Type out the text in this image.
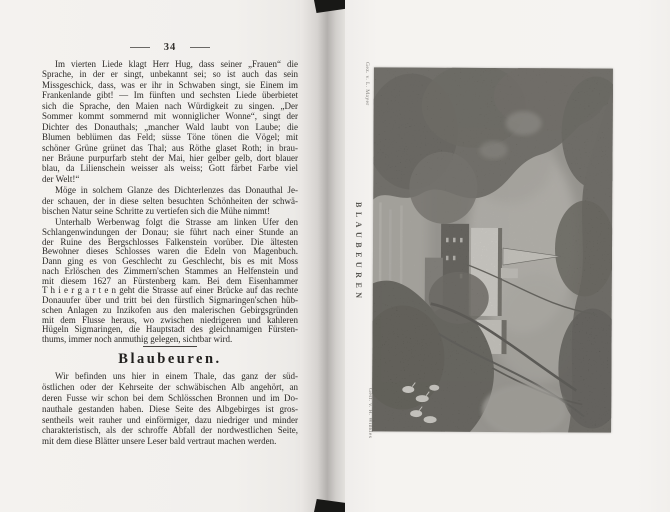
34
Im vierten Liede klagt Herr Hug, dass seiner „Frauen“ die
Sprache, in der er singt, unbekannt sei; so ist auch das sein
Missgeschick, dass, was er ihr in Schwaben singt, sie Einem im
Frankenlande gibt! — Im fünften und sechsten Liede überbietet
sich die Sprache, den Maien nach Würdigkeit zu singen. „Der
Sommer kommt sommernd mit wonniglicher Wonne“, singt der
Dichter des Donauthals; „mancher Wald laubt von Laube; die
Blumen beblümen das Feld; süsse Töne tönen die Vögel; mit
schöner Grüne grünet das Thal; aus Röthe glaset Roth; in brau-
ner Bräune purpurfarb steht der Mai, hier gelber gelb, dort blauer
blau, da Lilienschein weisser als weiss; Gott färbet Farbe viel
der Welt!“
Möge in solchem Glanze des Dichterlenzes das Donauthal Je-
der schauen, der in diese selten besuchten Schönheiten der schwä-
bischen Natur seine Schritte zu vertiefen sich die Mühe nimmt!
Unterhalb Werbenwag folgt die Strasse am linken Ufer den
Schlangenwindungen der Donau; sie führt nach einer Stunde an
der Ruine des Bergschlosses Falkenstein vorüber. Die ältesten
Bewohner dieses Schlosses waren die Edeln von Magenbuch.
Dann ging es von Geschlecht zu Geschlecht, bis es mit Moss
nach Erlöschen des Zimmern'schen Stammes an Helfenstein und
mit diesem 1627 an Fürstenberg kam. Bei dem Eisenhammer
T h i e r g a r t e n geht die Strasse auf einer Brücke auf das rechte
Donauufer über und tritt bei den fürstlich Sigmaringen'schen hüb-
schen Anlagen zu Inzikofen aus den malerischen Gebirgsgründen
mit dem Flusse heraus, wo zwischen niedrigeren und kahleren
Hügeln Sigmaringen, die Hauptstadt des gleichnamigen Fürsten-
thums, immer noch anmuthig gelegen, sichtbar wird.
Blaubeuren.
Wir befinden uns hier in einem Thale, das ganz der süd-
östlichen oder der Kehrseite der schwäbischen Alb angehört, an
deren Fusse wir schon bei dem Schlösschen Bronnen und im Do-
nauthale gestanden haben. Diese Seite des Albgebirges ist gros-
sentheils weit rauher und einförmiger, dazu niedriger und minder
charakteristisch, als der schroffe Abfall der nordwestlichen Seite,
mit dem diese Blätter unsere Leser bald vertraut machen werden.
BLAUBEUREN
Gez. v. L. Mayer
Gest. v. H. Winkles
